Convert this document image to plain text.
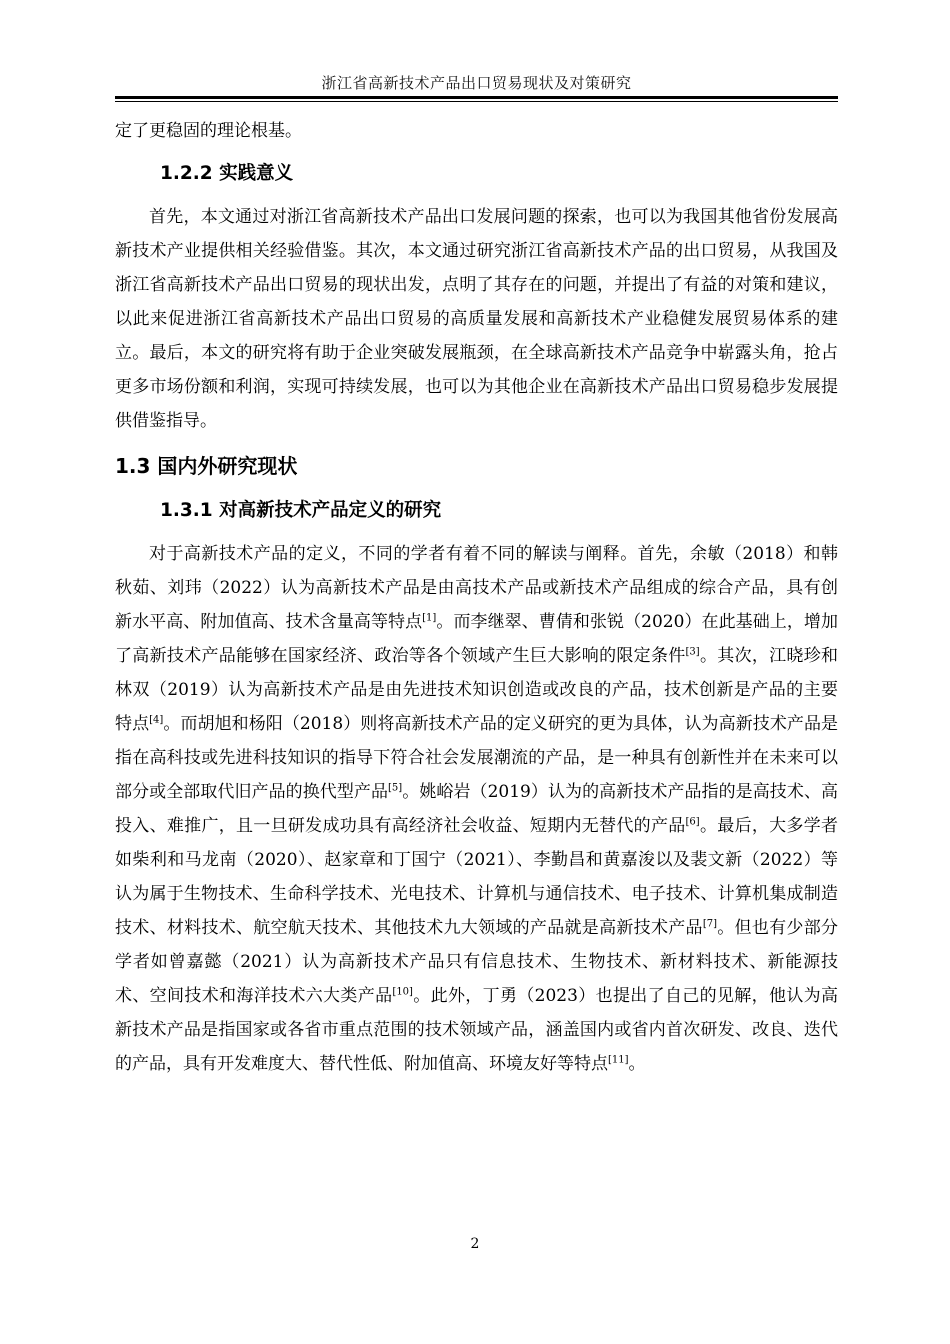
浙江省高新技术产品出口贸易现状及对策研究

定了更稳固的理论根基。

1.2.2 实践意义

首先，本文通过对浙江省高新技术产品出口发展问题的探索，也可以为我国其他省份发展高新技术产业提供相关经验借鉴。其次，本文通过研究浙江省高新技术产品的出口贸易，从我国及浙江省高新技术产品出口贸易的现状出发，点明了其存在的问题，并提出了有益的对策和建议，以此来促进浙江省高新技术产品出口贸易的高质量发展和高新技术产业稳健发展贸易体系的建立。最后，本文的研究将有助于企业突破发展瓶颈，在全球高新技术产品竞争中崭露头角，抢占更多市场份额和利润，实现可持续发展，也可以为其他企业在高新技术产品出口贸易稳步发展提供借鉴指导。

1.3 国内外研究现状
1.3.1 对高新技术产品定义的研究

对于高新技术产品的定义，不同的学者有着不同的解读与阐释。首先，余敏（2018）和韩秋茹、刘玮（2022）认为高新技术产品是由高技术产品或新技术产品组成的综合产品，具有创新水平高、附加值高、技术含量高等特点[1]。而李继翠、曹倩和张锐（2020）在此基础上，增加了高新技术产品能够在国家经济、政治等各个领域产生巨大影响的限定条件[3]。其次，江晓珍和林双（2019）认为高新技术产品是由先进技术知识创造或改良的产品，技术创新是产品的主要特点[4]。而胡旭和杨阳（2018）则将高新技术产品的定义研究的更为具体，认为高新技术产品是指在高科技或先进科技知识的指导下符合社会发展潮流的产品，是一种具有创新性并在未来可以部分或全部取代旧产品的换代型产品[5]。姚峪岩（2019）认为的高新技术产品指的是高技术、高投入、难推广，且一旦研发成功具有高经济社会收益、短期内无替代的产品[6]。最后，大多学者如柴利和马龙南（2020）、赵家章和丁国宁（2021）、李勤昌和黄嘉浚以及裴文新（2022）等认为属于生物技术、生命科学技术、光电技术、计算机与通信技术、电子技术、计算机集成制造技术、材料技术、航空航天技术、其他技术九大领域的产品就是高新技术产品[7]。但也有少部分学者如曾嘉懿（2021）认为高新技术产品只有信息技术、生物技术、新材料技术、新能源技术、空间技术和海洋技术六大类产品[10]。此外，丁勇（2023）也提出了自己的见解，他认为高新技术产品是指国家或各省市重点范围的技术领域产品，涵盖国内或省内首次研发、改良、迭代的产品，具有开发难度大、替代性低、附加值高、环境友好等特点[11]。

2
